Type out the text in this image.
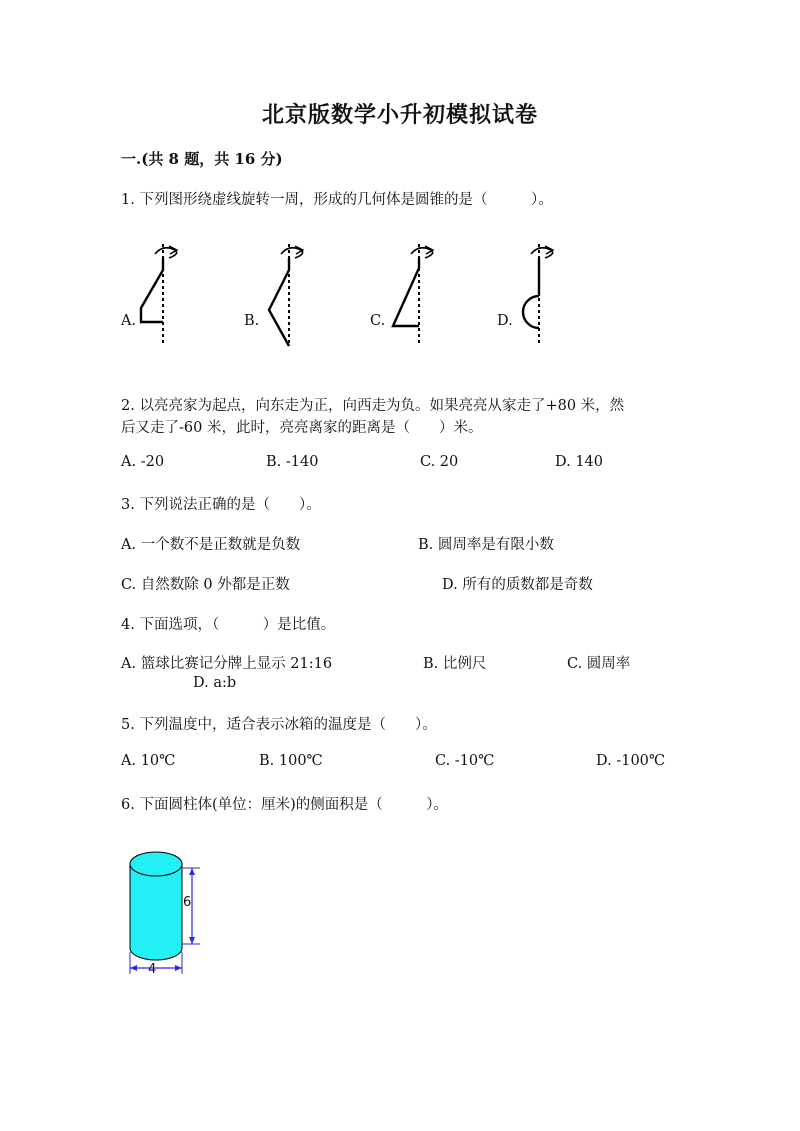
北京版数学小升初模拟试卷
一.(共 8 题，共 16 分)
1. 下列图形绕虚线旋转一周，形成的几何体是圆锥的是（　　　）。
A.	B.	C.	D.
2. 以亮亮家为起点，向东走为正，向西走为负。如果亮亮从家走了+80 米，然
后又走了-60 米，此时，亮亮离家的距离是（　　）米。
A. -20	B. -140	C. 20	D. 140
3. 下列说法正确的是（　　）。
A. 一个数不是正数就是负数	B. 圆周率是有限小数
C. 自然数除 0 外都是正数	D. 所有的质数都是奇数
4. 下面选项，（　　　）是比值。
A. 篮球比赛记分牌上显示 21:16	B. 比例尺	C. 圆周率
D. a:b
5. 下列温度中，适合表示冰箱的温度是（　　）。
A. 10℃	B. 100℃	C. -10℃	D. -100℃
6. 下面圆柱体(单位：厘米)的侧面积是（　　　）。
6
4
